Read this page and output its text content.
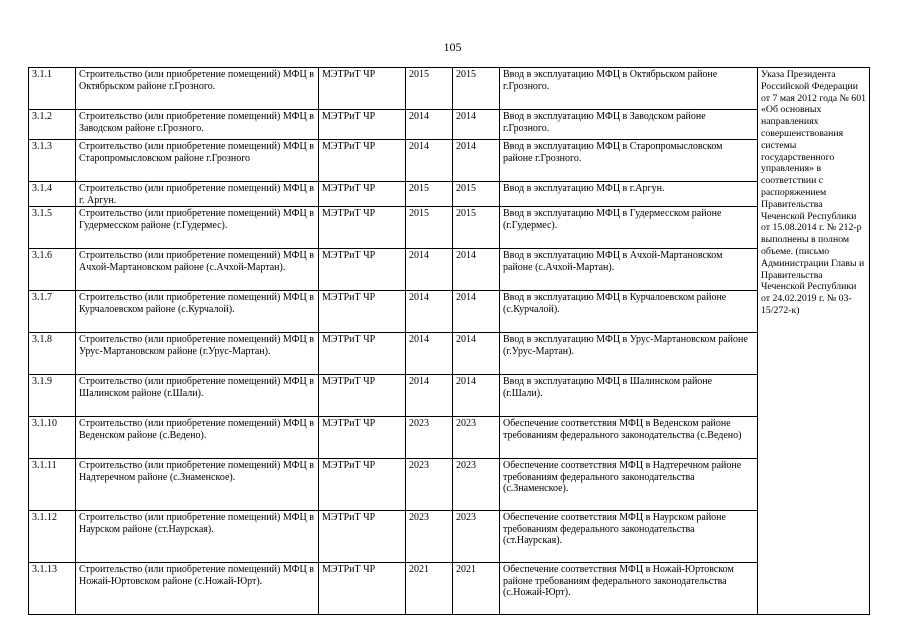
105
3.1.1	Строительство (или приобретение помещений) МФЦ в Октябрьском районе г.Грозного.	МЭТРиТ ЧР	2015	2015	Ввод в эксплуатацию МФЦ в Октябрьском районе г.Грозного.	Указа Президента Российской Федерации от 7 мая 2012 года № 601 «Об основных направлениях совершенствования системы государственного управления» в соответствии с распоряжением Правительства Чеченской Республики от 15.08.2014 г. № 212-р выполнены в полном объеме. (письмо Администрации Главы и Правительства Чеченской Республики от 24.02.2019 г. № 03-15/272-к)
3.1.2	Строительство (или приобретение помещений) МФЦ в Заводском районе г.Грозного.	МЭТРиТ ЧР	2014	2014	Ввод в эксплуатацию МФЦ в Заводском районе г.Грозного.	
3.1.3	Строительство (или приобретение помещений) МФЦ в Старопромысловском районе г.Грозного	МЭТРиТ ЧР	2014	2014	Ввод в эксплуатацию МФЦ в Старопромысловском районе г.Грозного.	
3.1.4	Строительство (или приобретение помещений) МФЦ в г. Аргун.	МЭТРиТ ЧР	2015	2015	Ввод в эксплуатацию МФЦ в г.Аргун.	
3.1.5	Строительство (или приобретение помещений) МФЦ в Гудермесском районе (г.Гудермес).	МЭТРиТ ЧР	2015	2015	Ввод в эксплуатацию МФЦ в Гудермесском районе (г.Гудермес).	
3.1.6	Строительство (или приобретение помещений) МФЦ в Ачхой-Мартановском районе (с.Ачхой-Мартан).	МЭТРиТ ЧР	2014	2014	Ввод в эксплуатацию МФЦ в Ачхой-Мартановском районе (с.Ачхой-Мартан).	
3.1.7	Строительство (или приобретение помещений) МФЦ в Курчалоевском районе (с.Курчалой).	МЭТРиТ ЧР	2014	2014	Ввод в эксплуатацию МФЦ в Курчалоевском районе (с.Курчалой).	
3.1.8	Строительство (или приобретение помещений) МФЦ в Урус-Мартановском районе (г.Урус-Мартан).	МЭТРиТ ЧР	2014	2014	Ввод в эксплуатацию МФЦ в Урус-Мартановском районе (г.Урус-Мартан).	
3.1.9	Строительство (или приобретение помещений) МФЦ в Шалинском районе (г.Шали).	МЭТРиТ ЧР	2014	2014	Ввод в эксплуатацию МФЦ в Шалинском районе (г.Шали).	
3.1.10	Строительство (или приобретение помещений) МФЦ в Веденском районе (с.Ведено).	МЭТРиТ ЧР	2023	2023	Обеспечение соответствия МФЦ в Веденском районе требованиям федерального законодательства (с.Ведено)	
3.1.11	Строительство (или приобретение помещений) МФЦ в Надтеречном районе (с.Знаменское).	МЭТРиТ ЧР	2023	2023	Обеспечение соответствия МФЦ в Надтеречном районе требованиям федерального законодательства (с.Знаменское).	
3.1.12	Строительство (или приобретение помещений) МФЦ в Наурском районе (ст.Наурская).	МЭТРиТ ЧР	2023	2023	Обеспечение соответствия МФЦ в Наурском районе требованиям федерального законодательства (ст.Наурская).	
3.1.13	Строительство (или приобретение помещений) МФЦ в Ножай-Юртовском районе (с.Ножай-Юрт).	МЭТРиТ ЧР	2021	2021	Обеспечение соответствия МФЦ в Ножай-Юртовском районе требованиям федерального законодательства (с.Ножай-Юрт).	
